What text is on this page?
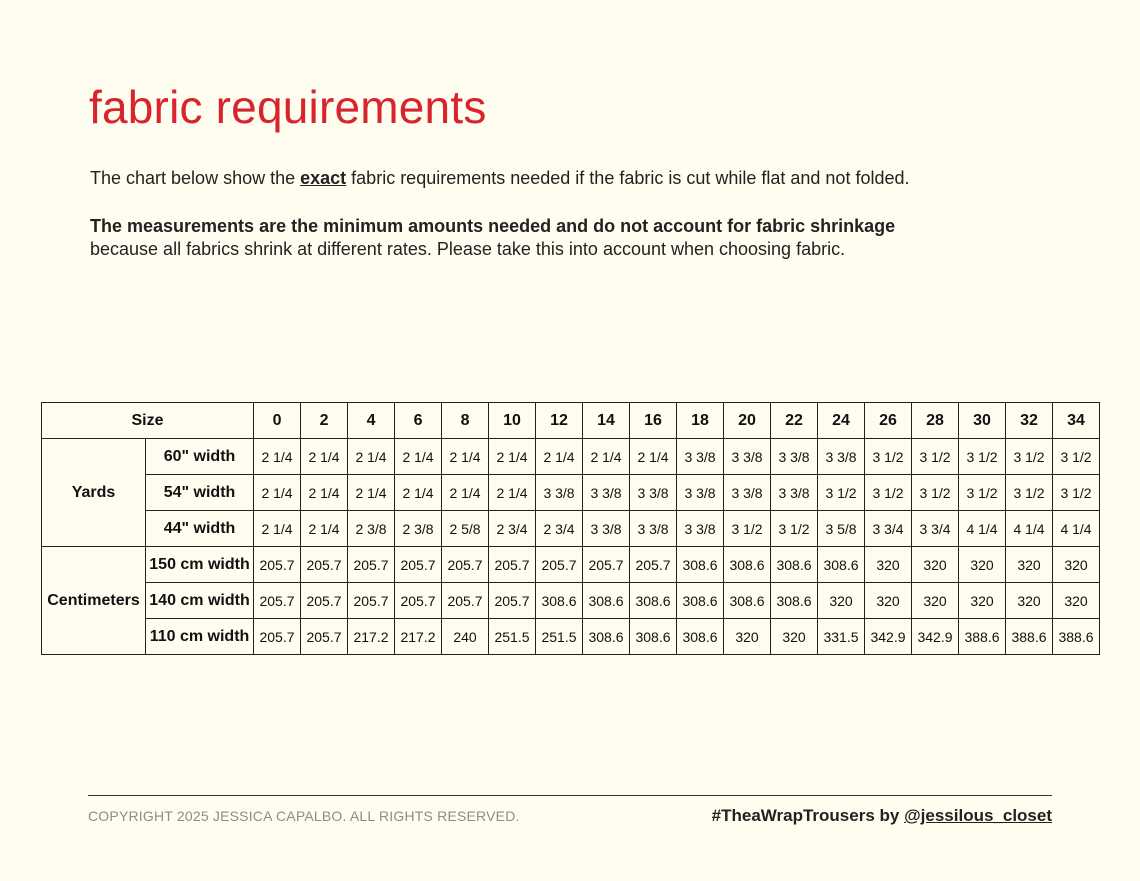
fabric requirements

The chart below show the exact fabric requirements needed if the fabric is cut while flat and not folded.

The measurements are the minimum amounts needed and do not account for fabric shrinkage
because all fabrics shrink at different rates. Please take this into account when choosing fabric.

Size		0	2	4	6	8	10	12	14	16	18	20	22	24	26	28	30	32	34
Yards	60" width	2 1/4	2 1/4	2 1/4	2 1/4	2 1/4	2 1/4	2 1/4	2 1/4	2 1/4	3 3/8	3 3/8	3 3/8	3 3/8	3 1/2	3 1/2	3 1/2	3 1/2	3 1/2
	54" width	2 1/4	2 1/4	2 1/4	2 1/4	2 1/4	2 1/4	3 3/8	3 3/8	3 3/8	3 3/8	3 3/8	3 3/8	3 1/2	3 1/2	3 1/2	3 1/2	3 1/2	3 1/2
	44" width	2 1/4	2 1/4	2 3/8	2 3/8	2 5/8	2 3/4	2 3/4	3 3/8	3 3/8	3 3/8	3 1/2	3 1/2	3 5/8	3 3/4	3 3/4	4 1/4	4 1/4	4 1/4
Centimeters	150 cm width	205.7	205.7	205.7	205.7	205.7	205.7	205.7	205.7	205.7	308.6	308.6	308.6	308.6	320	320	320	320	320
	140 cm width	205.7	205.7	205.7	205.7	205.7	205.7	308.6	308.6	308.6	308.6	308.6	308.6	320	320	320	320	320	320
	110 cm width	205.7	205.7	217.2	217.2	240	251.5	251.5	308.6	308.6	308.6	320	320	331.5	342.9	342.9	388.6	388.6	388.6
COPYRIGHT 2025 JESSICA CAPALBO. ALL RIGHTS RESERVED.	#TheaWrapTrousers by @jessilous_closet
